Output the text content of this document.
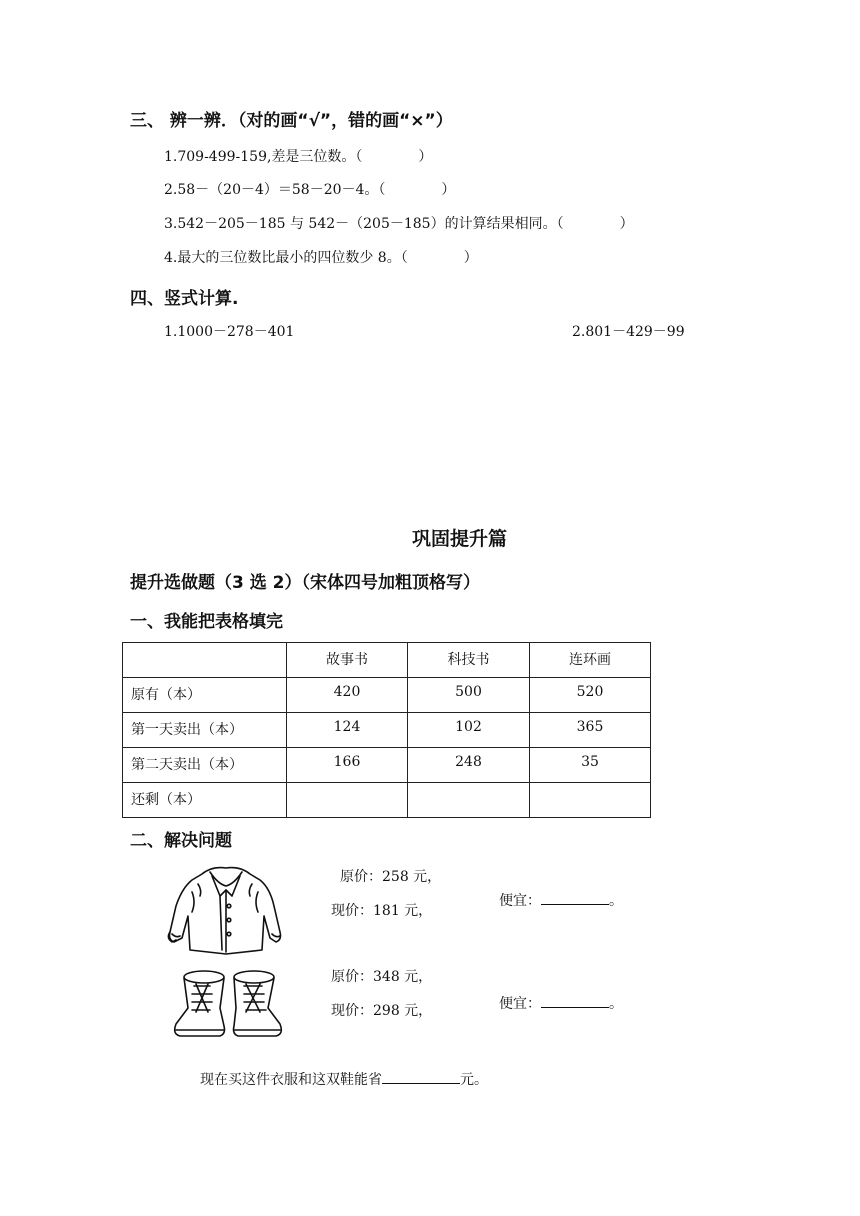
三、 辨一辨．（对的画“√”，错的画“×”）
1.709-499-159,差是三位数。（　　　　）
2.58－（20－4）＝58－20－4。（　　　　）
3.542－205－185 与 542－（205－185）的计算结果相同。（　　　　）
4.最大的三位数比最小的四位数少 8。（　　　　）
四、竖式计算.
1.1000－278－401	2.801－429－99
巩固提升篇
提升选做题（3 选 2）（宋体四号加粗顶格写）
一、我能把表格填完
	故事书	科技书	连环画
原有（本）	420	500	520
第一天卖出（本）	124	102	365
第二天卖出（本）	166	248	35
还剩（本）			
二、解决问题
原价：258 元，
现价：181 元，
便宜：	。
原价：348 元，
现价：298 元，	便宜：	。
现在买这件衣服和这双鞋能省	元。
